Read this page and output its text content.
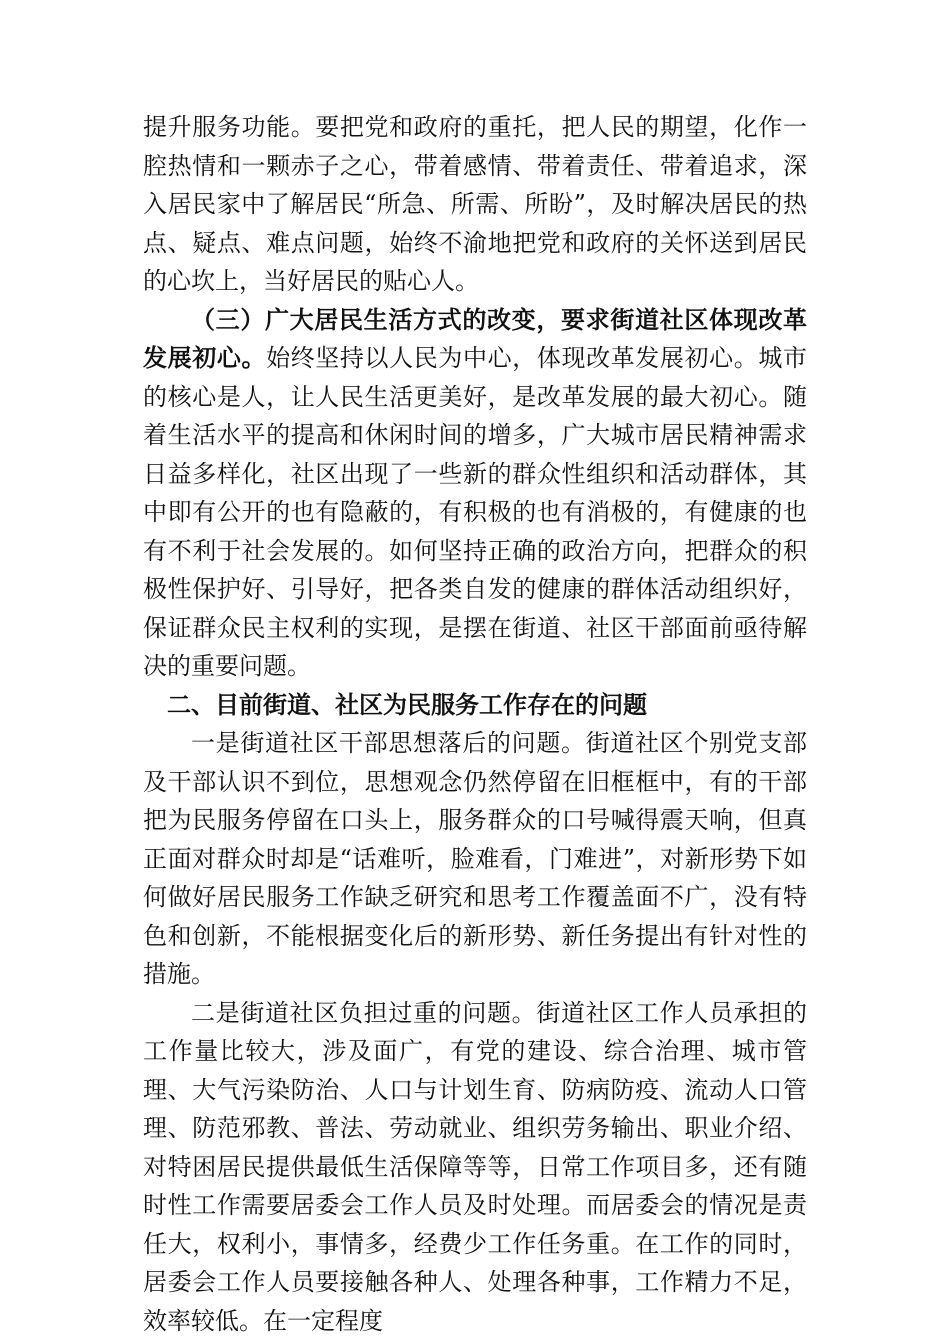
提升服务功能。要把党和政府的重托，把人民的期望，化作一腔热情和一颗赤子之心，带着感情、带着责任、带着追求，深入居民家中了解居民“所急、所需、所盼”，及时解决居民的热点、疑点、难点问题，始终不渝地把党和政府的关怀送到居民的心坎上，当好居民的贴心人。

（三）广大居民生活方式的改变，要求街道社区体现改革发展初心。始终坚持以人民为中心，体现改革发展初心。城市的核心是人，让人民生活更美好，是改革发展的最大初心。随着生活水平的提高和休闲时间的增多，广大城市居民精神需求日益多样化，社区出现了一些新的群众性组织和活动群体，其中即有公开的也有隐蔽的，有积极的也有消极的，有健康的也有不利于社会发展的。如何坚持正确的政治方向，把群众的积极性保护好、引导好，把各类自发的健康的群体活动组织好，保证群众民主权利的实现，是摆在街道、社区干部面前亟待解决的重要问题。

二、目前街道、社区为民服务工作存在的问题

一是街道社区干部思想落后的问题。街道社区个别党支部及干部认识不到位，思想观念仍然停留在旧框框中，有的干部把为民服务停留在口头上，服务群众的口号喊得震天响，但真正面对群众时却是“话难听，脸难看，门难进”，对新形势下如何做好居民服务工作缺乏研究和思考工作覆盖面不广，没有特色和创新，不能根据变化后的新形势、新任务提出有针对性的措施。

二是街道社区负担过重的问题。街道社区工作人员承担的工作量比较大，涉及面广，有党的建设、综合治理、城市管理、大气污染防治、人口与计划生育、防病防疫、流动人口管理、防范邪教、普法、劳动就业、组织劳务输出、职业介绍、对特困居民提供最低生活保障等等，日常工作项目多，还有随时性工作需要居委会工作人员及时处理。而居委会的情况是责任大，权利小，事情多，经费少工作任务重。在工作的同时，居委会工作人员要接触各种人、处理各种事，工作精力不足，效率较低。在一定程度
